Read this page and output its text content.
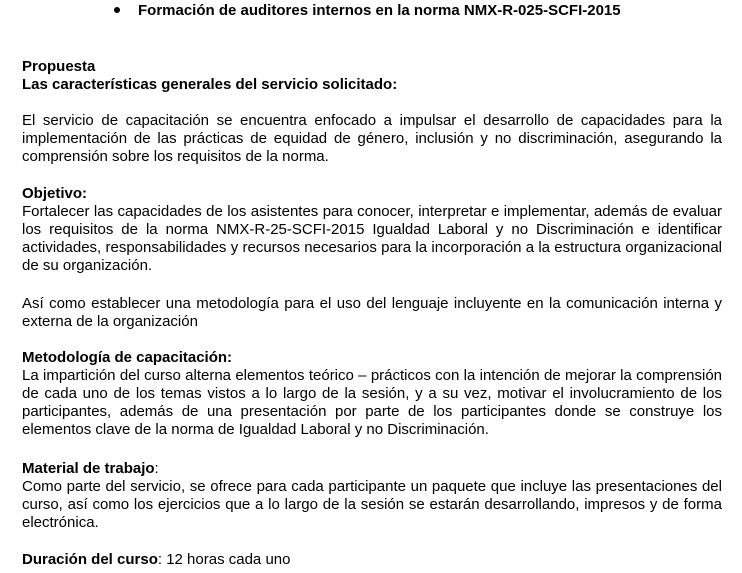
Formación de auditores internos en la norma NMX-R-025-SCFI-2015

Propuesta

Las características generales del servicio solicitado:

El servicio de capacitación se encuentra enfocado a impulsar el desarrollo de capacidades para la implementación de las prácticas de equidad de género, inclusión y no discriminación, asegurando la comprensión sobre los requisitos de la norma.

Objetivo:

Fortalecer las capacidades de los asistentes para conocer, interpretar e implementar, además de evaluar los requisitos de la norma NMX-R-25-SCFI-2015 Igualdad Laboral y no Discriminación e identificar actividades, responsabilidades y recursos necesarios para la incorporación a la estructura organizacional de su organización.

Así como establecer una metodología para el uso del lenguaje incluyente en la comunicación interna y externa de la organización

Metodología de capacitación:

La impartición del curso alterna elementos teórico – prácticos con la intención de mejorar la comprensión de cada uno de los temas vistos a lo largo de la sesión, y a su vez, motivar el involucramiento de los participantes, además de una presentación por parte de los participantes donde se construye los elementos clave de la norma de Igualdad Laboral y no Discriminación.

Material de trabajo:

Como parte del servicio, se ofrece para cada participante un paquete que incluye las presentaciones del curso, así como los ejercicios que a lo largo de la sesión se estarán desarrollando, impresos y de forma electrónica.

Duración del curso: 12 horas cada uno
